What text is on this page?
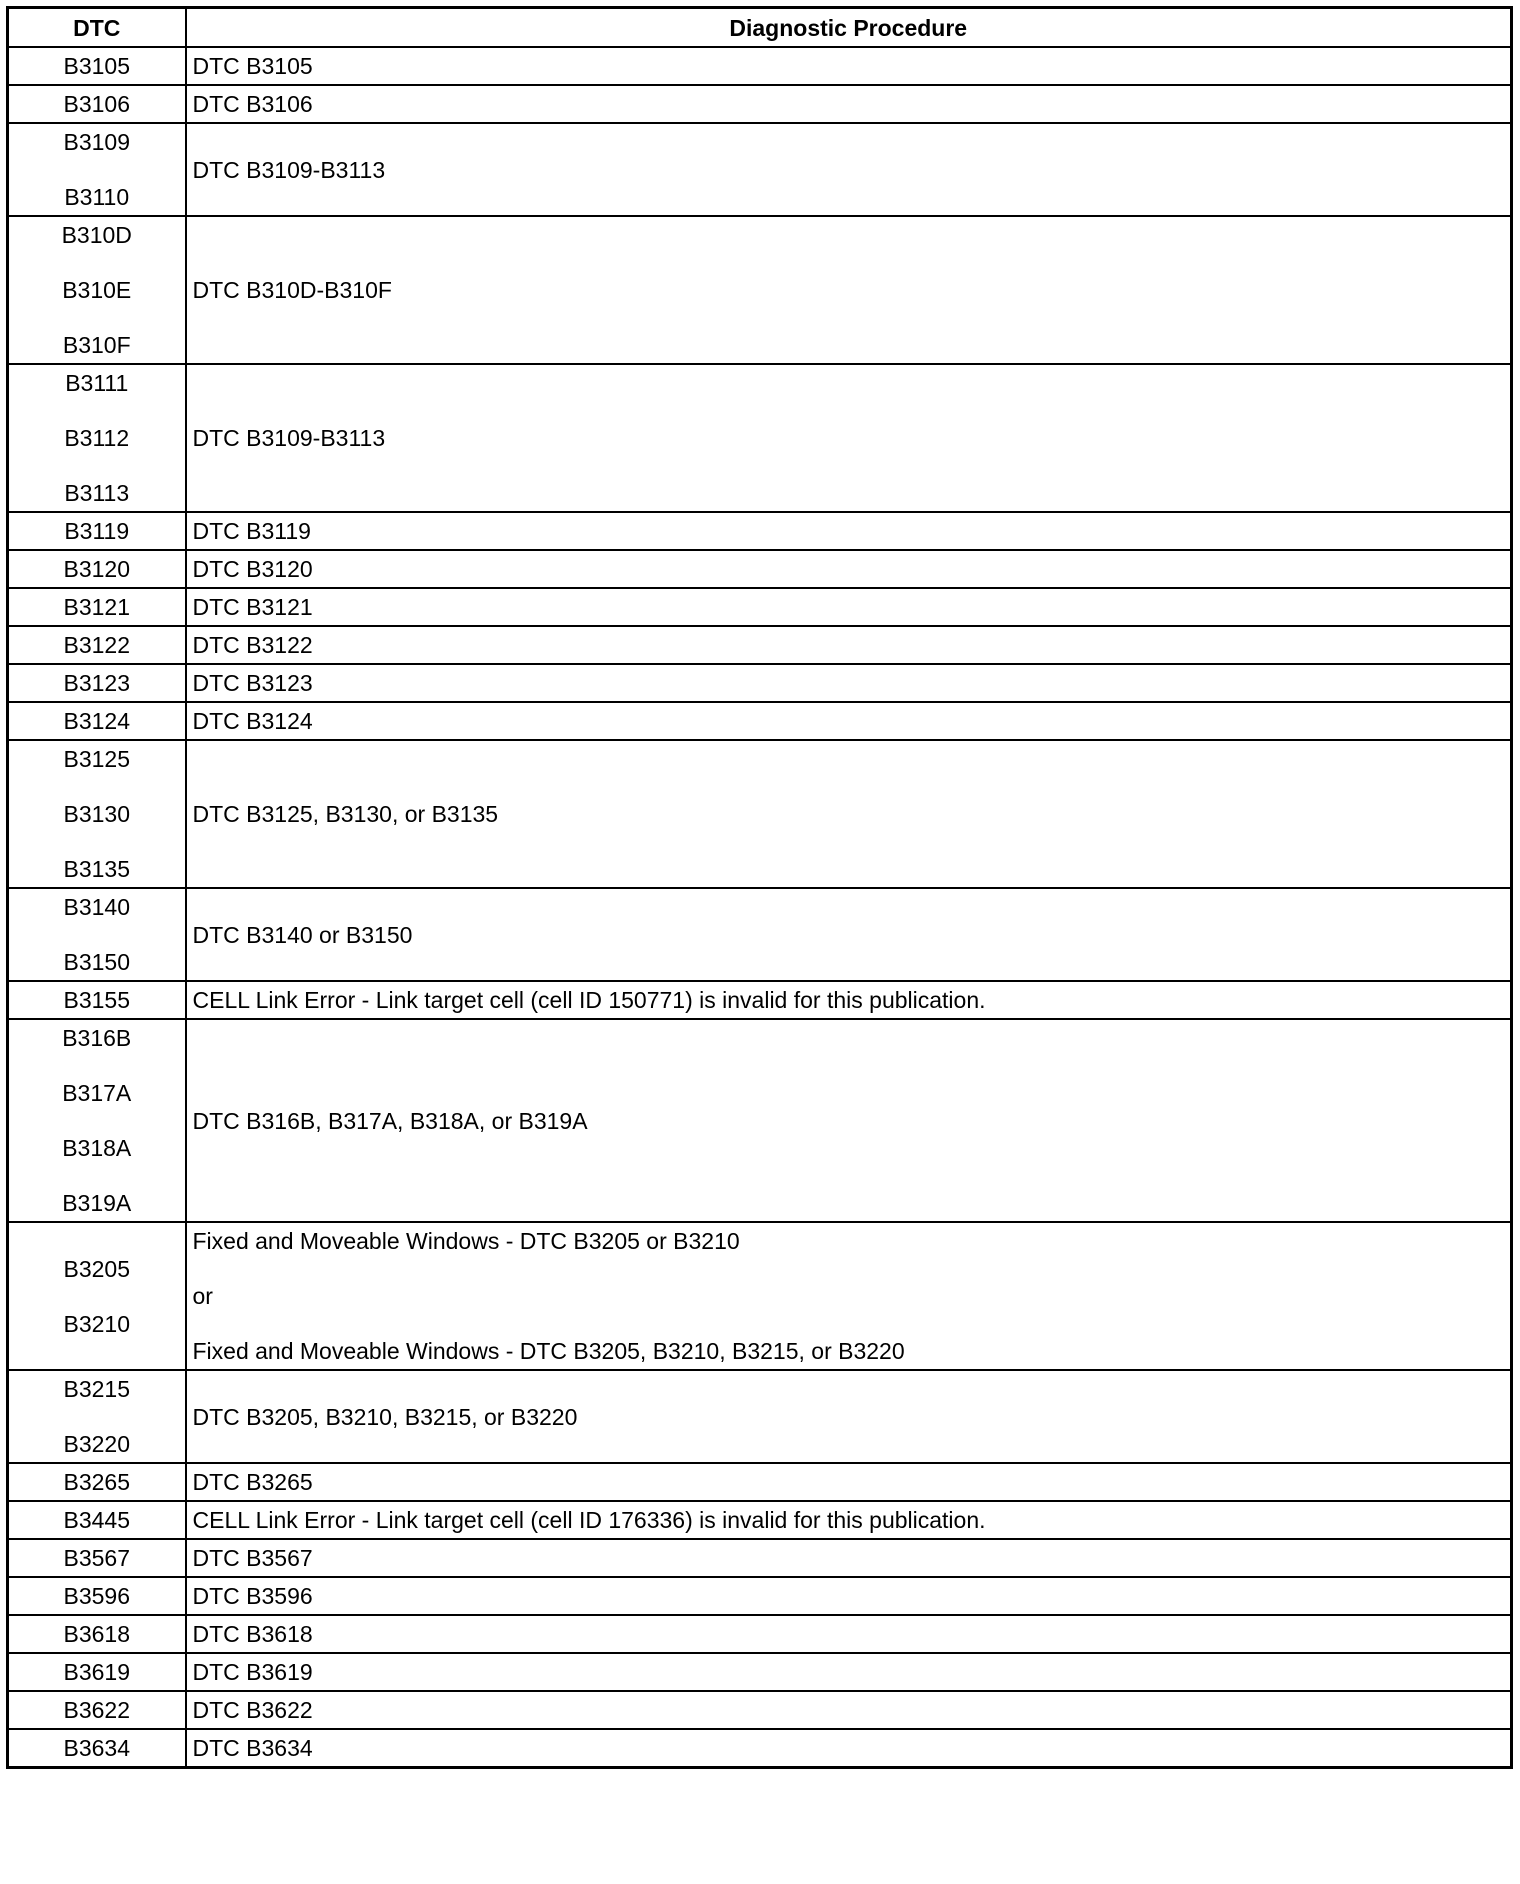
DTC	Diagnostic Procedure

B3105	DTC B3105

B3106	DTC B3106

B3109
B3110	DTC B3109-B3113

B310D
B310E
B310F	DTC B310D-B310F

B3111
B3112
B3113	DTC B3109-B3113

B3119	DTC B3119

B3120	DTC B3120

B3121	DTC B3121

B3122	DTC B3122

B3123	DTC B3123

B3124	DTC B3124

B3125
B3130
B3135	DTC B3125, B3130, or B3135

B3140
B3150	DTC B3140 or B3150

B3155	CELL Link Error - Link target cell (cell ID 150771) is invalid for this publication.

B316B
B317A
B318A
B319A	DTC B316B, B317A, B318A, or B319A

B3205
B3210	Fixed and Moveable Windows - DTC B3205 or B3210
or
Fixed and Moveable Windows - DTC B3205, B3210, B3215, or B3220

B3215
B3220	DTC B3205, B3210, B3215, or B3220

B3265	DTC B3265

B3445	CELL Link Error - Link target cell (cell ID 176336) is invalid for this publication.

B3567	DTC B3567

B3596	DTC B3596

B3618	DTC B3618

B3619	DTC B3619

B3622	DTC B3622

B3634	DTC B3634
